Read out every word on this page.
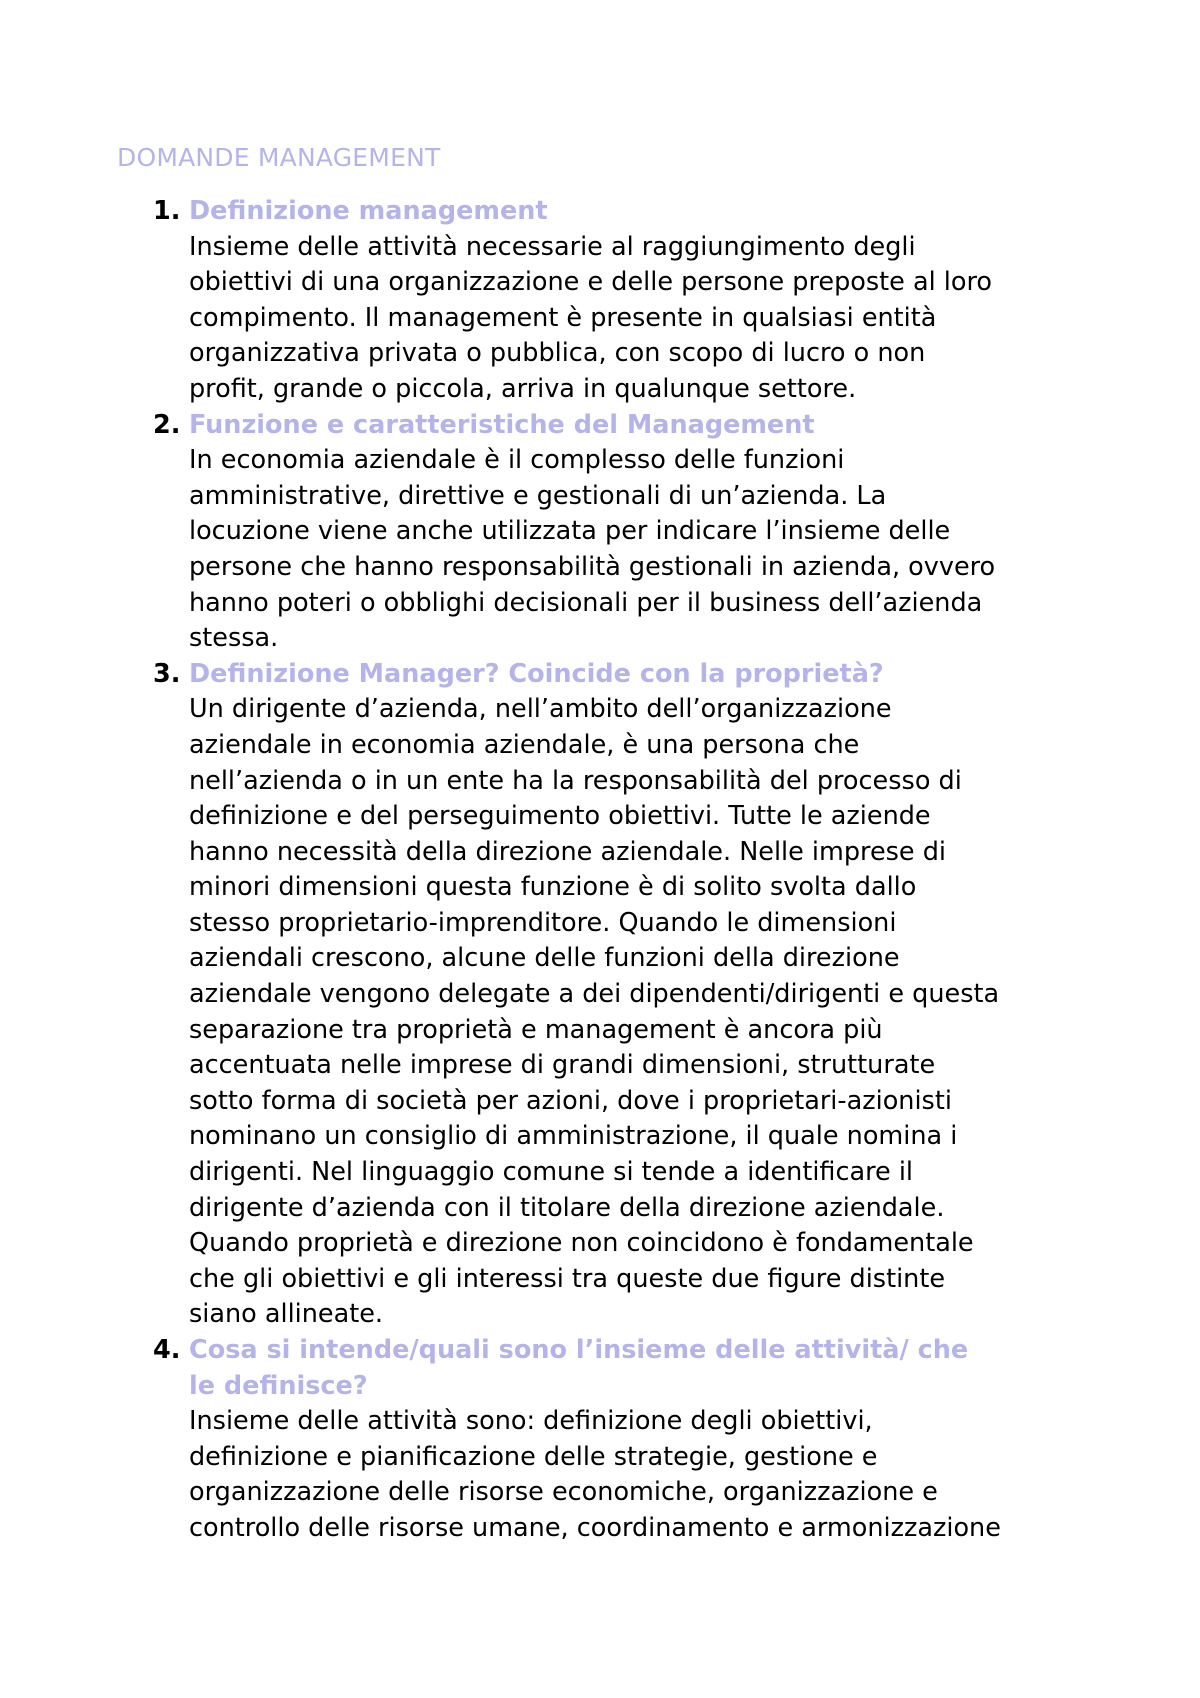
DOMANDE MANAGEMENT
1. Definizione management

Insieme delle attività necessarie al raggiungimento degli
obiettivi di una organizzazione e delle persone preposte al loro
compimento. Il management è presente in qualsiasi entità
organizzativa privata o pubblica, con scopo di lucro o non
profit, grande o piccola, arriva in qualunque settore.

2. Funzione e caratteristiche del Management

In economia aziendale è il complesso delle funzioni
amministrative, direttive e gestionali di un’azienda. La
locuzione viene anche utilizzata per indicare l’insieme delle
persone che hanno responsabilità gestionali in azienda, ovvero
hanno poteri o obblighi decisionali per il business dell’azienda
stessa.

3. Definizione Manager? Coincide con la proprietà?

Un dirigente d’azienda, nell’ambito dell’organizzazione
aziendale in economia aziendale, è una persona che
nell’azienda o in un ente ha la responsabilità del processo di
definizione e del perseguimento obiettivi. Tutte le aziende
hanno necessità della direzione aziendale. Nelle imprese di
minori dimensioni questa funzione è di solito svolta dallo
stesso proprietario-imprenditore. Quando le dimensioni
aziendali crescono, alcune delle funzioni della direzione
aziendale vengono delegate a dei dipendenti/dirigenti e questa
separazione tra proprietà e management è ancora più
accentuata nelle imprese di grandi dimensioni, strutturate
sotto forma di società per azioni, dove i proprietari-azionisti
nominano un consiglio di amministrazione, il quale nomina i
dirigenti. Nel linguaggio comune si tende a identificare il
dirigente d’azienda con il titolare della direzione aziendale.
Quando proprietà e direzione non coincidono è fondamentale
che gli obiettivi e gli interessi tra queste due figure distinte
siano allineate.

4. Cosa si intende/quali sono l’insieme delle attività/ che
le definisce?

Insieme delle attività sono: definizione degli obiettivi,
definizione e pianificazione delle strategie, gestione e
organizzazione delle risorse economiche, organizzazione e
controllo delle risorse umane, coordinamento e armonizzazione
